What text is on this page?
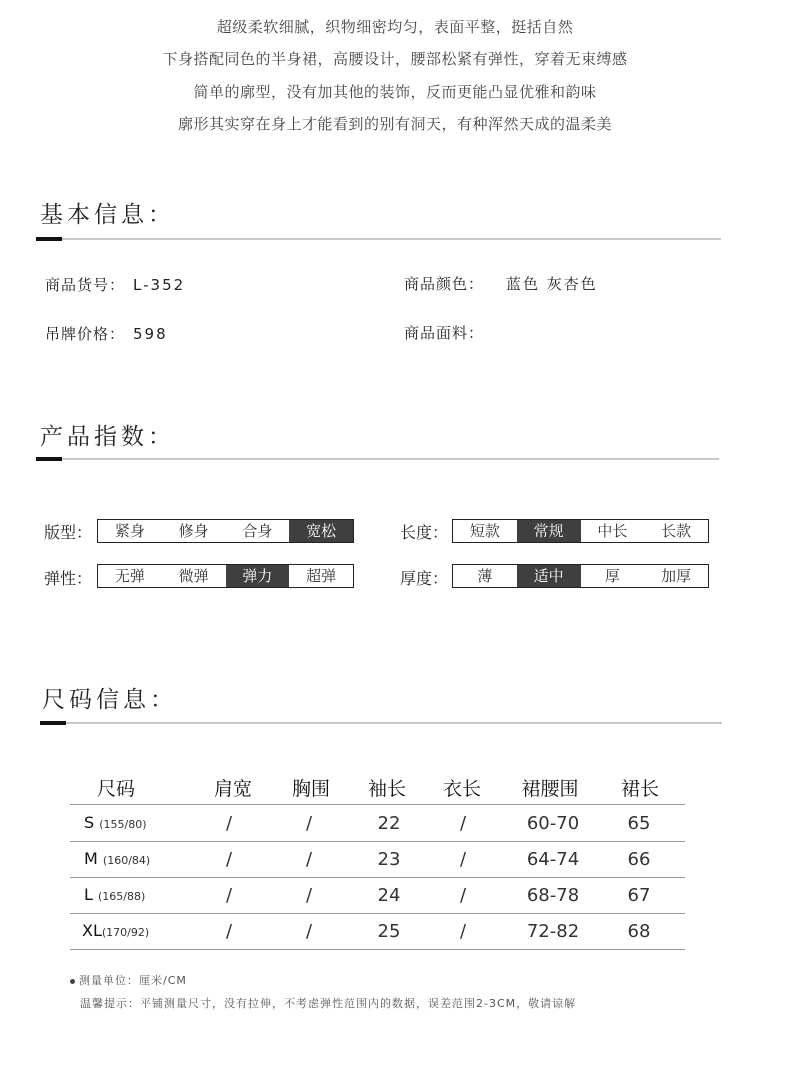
超级柔软细腻，织物细密均匀，表面平整，挺括自然
下身搭配同色的半身裙，高腰设计，腰部松紧有弹性，穿着无束缚感
简单的廓型，没有加其他的装饰，反而更能凸显优雅和韵味
廓形其实穿在身上才能看到的别有洞天，有种浑然天成的温柔美
基本信息：
商品货号： L-352	商品颜色： 蓝色 灰杏色
吊牌价格： 598	商品面料：
产品指数：
版型：	紧身	修身	合身	宽松	长度：	短款	常规	中长	长款
弹性：	无弹	微弹	弹力	超弹	厚度：	薄	适中	厚	加厚
尺码信息：
尺码	肩宽	胸围	袖长	衣长	裙腰围	裙长
S (155/80)	/	/	22	/	60-70	65
M (160/84)	/	/	23	/	64-74	66
L (165/88)	/	/	24	/	68-78	67
XL(170/92)	/	/	25	/	72-82	68
测量单位：厘米/CM
温馨提示：平铺测量尺寸，没有拉伸，不考虑弹性范围内的数据，误差范围2-3CM，敬请谅解
